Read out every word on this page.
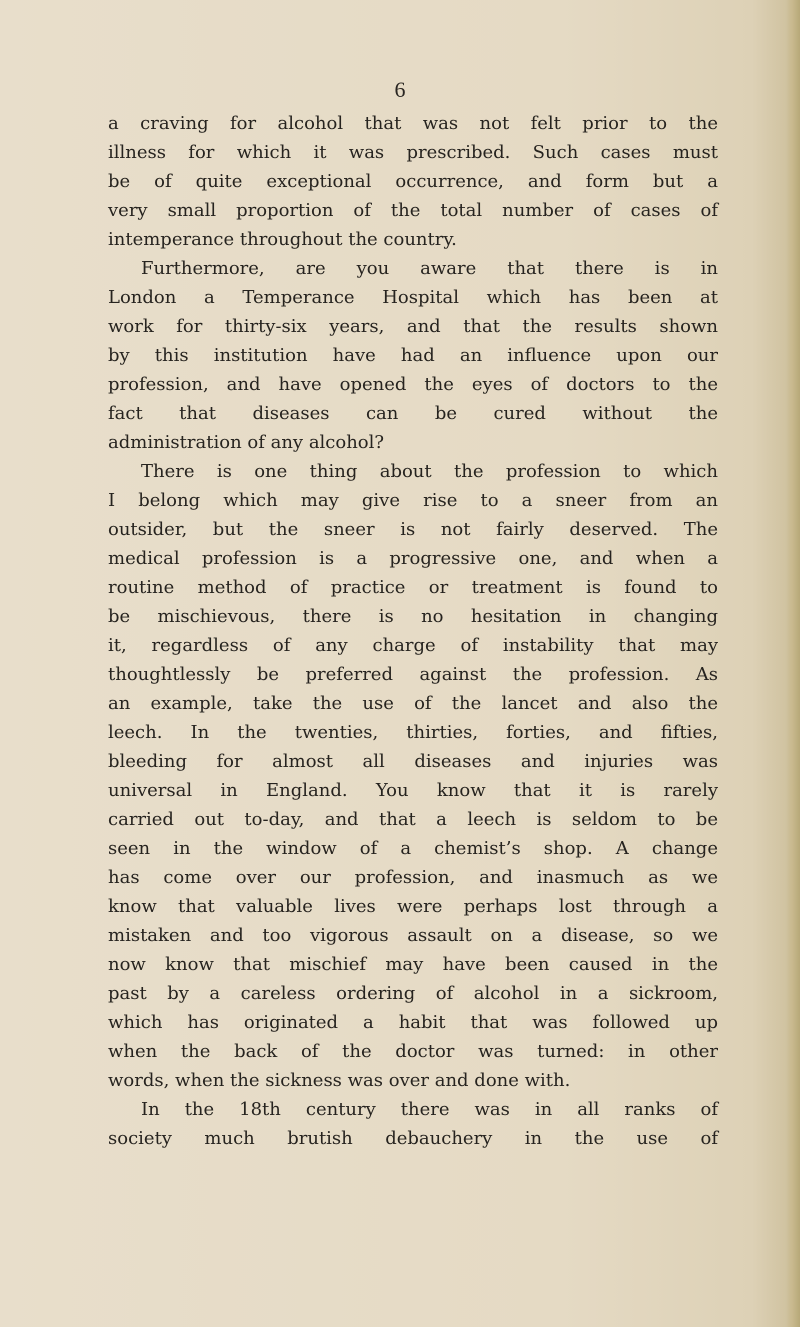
6
a craving for alcohol that was not felt prior to the
illness for which it was prescribed. Such cases must
be of quite exceptional occurrence, and form but a
very small proportion of the total number of cases of
intemperance throughout the country.
Furthermore, are you aware that there is in
London a Temperance Hospital which has been at
work for thirty-six years, and that the results shown
by this institution have had an influence upon our
profession, and have opened the eyes of doctors to the
fact that diseases can be cured without the
administration of any alcohol?
There is one thing about the profession to which
I belong which may give rise to a sneer from an
outsider, but the sneer is not fairly deserved. The
medical profession is a progressive one, and when a
routine method of practice or treatment is found to
be mischievous, there is no hesitation in changing
it, regardless of any charge of instability that may
thoughtlessly be preferred against the profession. As
an example, take the use of the lancet and also the
leech. In the twenties, thirties, forties, and fifties,
bleeding for almost all diseases and injuries was
universal in England. You know that it is rarely
carried out to-day, and that a leech is seldom to be
seen in the window of a chemist’s shop. A change
has come over our profession, and inasmuch as we
know that valuable lives were perhaps lost through a
mistaken and too vigorous assault on a disease, so we
now know that mischief may have been caused in the
past by a careless ordering of alcohol in a sickroom,
which has originated a habit that was followed up
when the back of the doctor was turned: in other
words, when the sickness was over and done with.
In the 18th century there was in all ranks of
society much brutish debauchery in the use of
